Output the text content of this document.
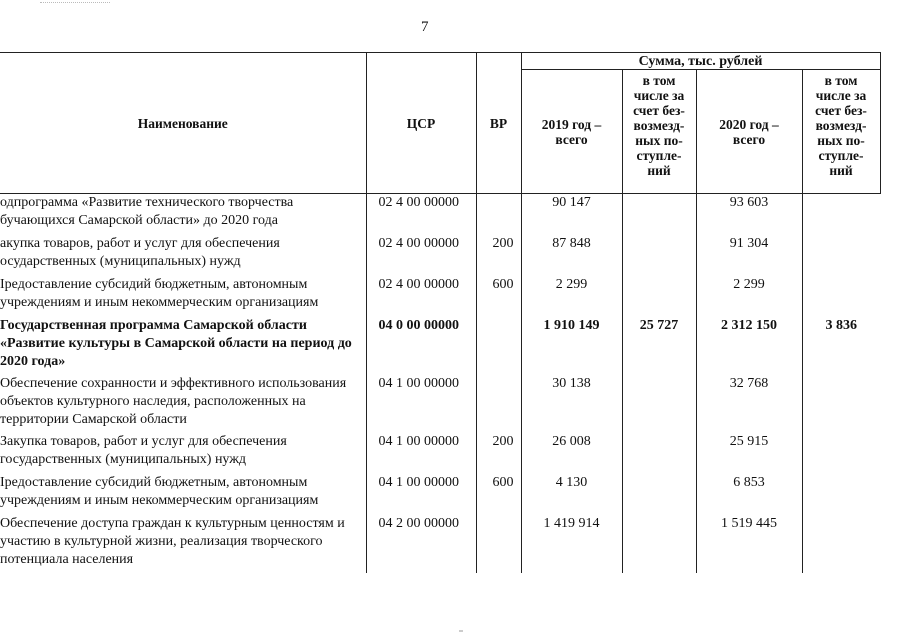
7
Наименование	ЦСР	ВР	Сумма, тыс. рублей			
			2019 год – всего	в том числе за счет без-возмезд-ных по-ступле-ний	2020 год – всего	в том числе за счет без-возмезд-ных по-ступле-ний
одпрограмма «Развитие технического творчества бучающихся Самарской области» до 2020 года	02 4 00 00000		90 147		93 603	
акупка товаров, работ и услуг для обеспечения осударственных (муниципальных) нужд	02 4 00 00000	200	87 848		91 304	
Іредоставление субсидий бюджетным, автономным учреждениям и иным некоммерческим организациям	02 4 00 00000	600	2 299		2 299	
Государственная программа Самарской области «Развитие культуры в Самарской области на период до 2020 года»	04 0 00 00000		1 910 149	25 727	2 312 150	3 836
Обеспечение сохранности и эффективного использования объектов культурного наследия, расположенных на территории Самарской области	04 1 00 00000		30 138		32 768	
Закупка товаров, работ и услуг для обеспечения государственных (муниципальных) нужд	04 1 00 00000	200	26 008		25 915	
Іредоставление субсидий бюджетным, автономным учреждениям и иным некоммерческим организациям	04 1 00 00000	600	4 130		6 853	
Обеспечение доступа граждан к культурным ценностям и участию в культурной жизни, реализация творческого потенциала населения	04 2 00 00000		1 419 914		1 519 445	
